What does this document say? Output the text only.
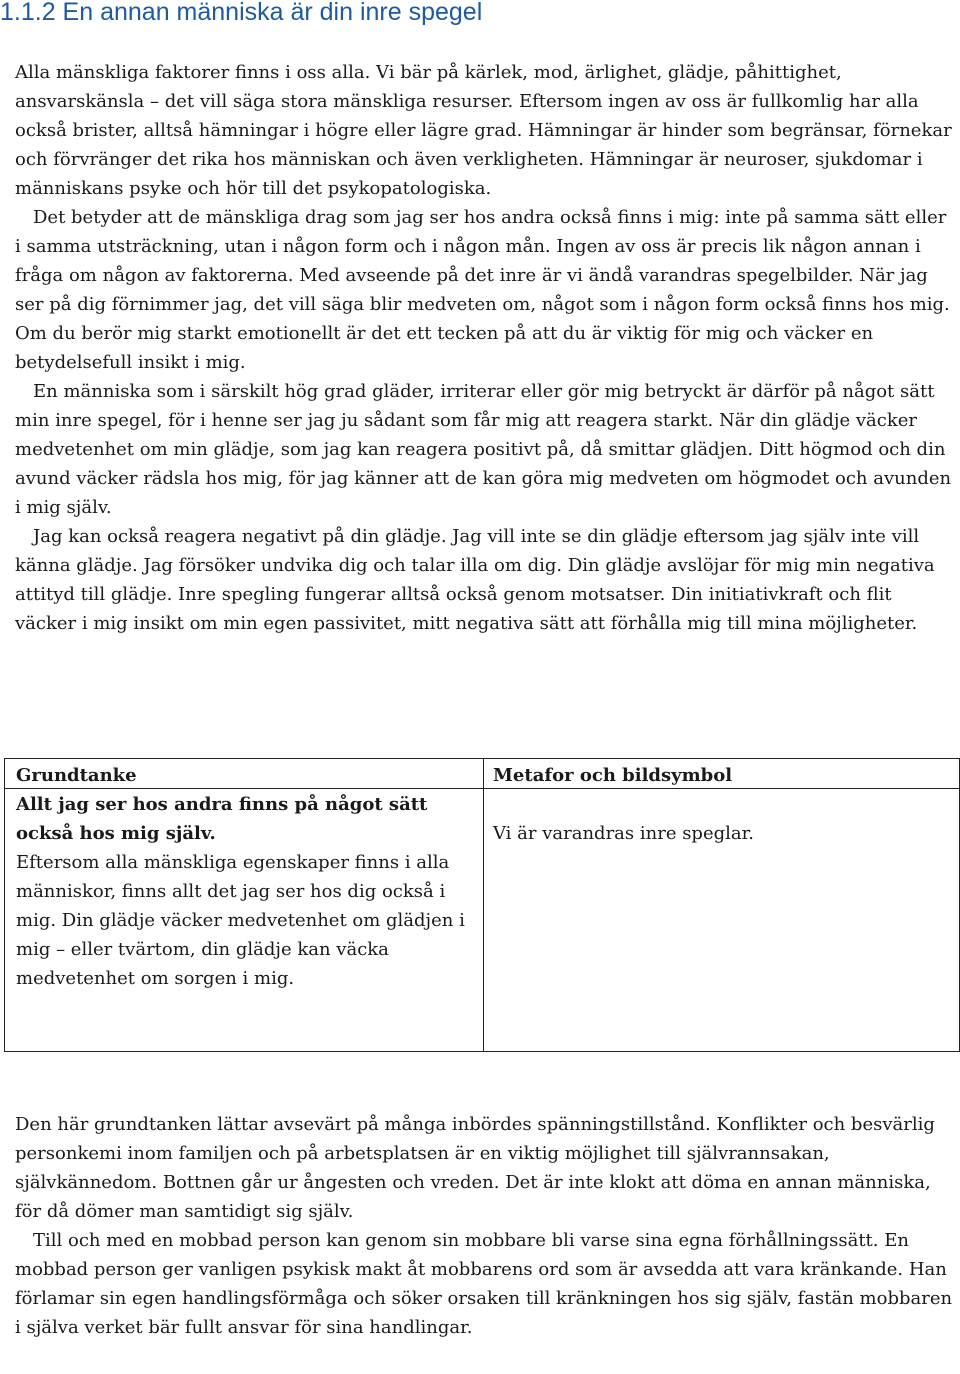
1.1.2 En annan människa är din inre spegel

Alla mänskliga faktorer finns i oss alla. Vi bär på kärlek, mod, ärlighet, glädje, påhittighet, ansvarskänsla – det vill säga stora mänskliga resurser. Eftersom ingen av oss är fullkomlig har alla också brister, alltså hämningar i högre eller lägre grad. Hämningar är hinder som begränsar, förnekar och förvränger det rika hos människan och även verkligheten. Hämningar är neuroser, sjukdomar i människans psyke och hör till det psykopatologiska.

Det betyder att de mänskliga drag som jag ser hos andra också finns i mig: inte på samma sätt eller i samma utsträckning, utan i någon form och i någon mån. Ingen av oss är precis lik någon annan i fråga om någon av faktorerna. Med avseende på det inre är vi ändå varandras spegelbilder. När jag ser på dig förnimmer jag, det vill säga blir medveten om, något som i någon form också finns hos mig. Om du berör mig starkt emotionellt är det ett tecken på att du är viktig för mig och väcker en betydelsefull insikt i mig.

En människa som i särskilt hög grad gläder, irriterar eller gör mig betryckt är därför på något sätt min inre spegel, för i henne ser jag ju sådant som får mig att reagera starkt. När din glädje väcker medvetenhet om min glädje, som jag kan reagera positivt på, då smittar glädjen. Ditt högmod och din avund väcker rädsla hos mig, för jag känner att de kan göra mig medveten om högmodet och avunden i mig själv.

Jag kan också reagera negativt på din glädje. Jag vill inte se din glädje eftersom jag själv inte vill känna glädje. Jag försöker undvika dig och talar illa om dig. Din glädje avslöjar för mig min negativa attityd till glädje. Inre spegling fungerar alltså också genom motsatser. Din initiativkraft och flit väcker i mig insikt om min egen passivitet, mitt negativa sätt att förhålla mig till mina möjligheter.

Grundtanke

Allt jag ser hos andra finns på något sätt också hos mig själv.

Eftersom alla mänskliga egenskaper finns i alla människor, finns allt det jag ser hos dig också i mig. Din glädje väcker medvetenhet om glädjen i mig – eller tvärtom, din glädje kan väcka medvetenhet om sorgen i mig.

Metafor och bildsymbol

Vi är varandras inre speglar.

Den här grundtanken lättar avsevärt på många inbördes spänningstillstånd. Konflikter och besvärlig personkemi inom familjen och på arbetsplatsen är en viktig möjlighet till självrannsakan, självkännedom. Bottnen går ur ångesten och vreden. Det är inte klokt att döma en annan människa, för då dömer man samtidigt sig själv.

Till och med en mobbad person kan genom sin mobbare bli varse sina egna förhållningssätt. En mobbad person ger vanligen psykisk makt åt mobbarens ord som är avsedda att vara kränkande. Han förlamar sin egen handlingsförmåga och söker orsaken till kränkningen hos sig själv, fastän mobbaren i själva verket bär fullt ansvar för sina handlingar.
